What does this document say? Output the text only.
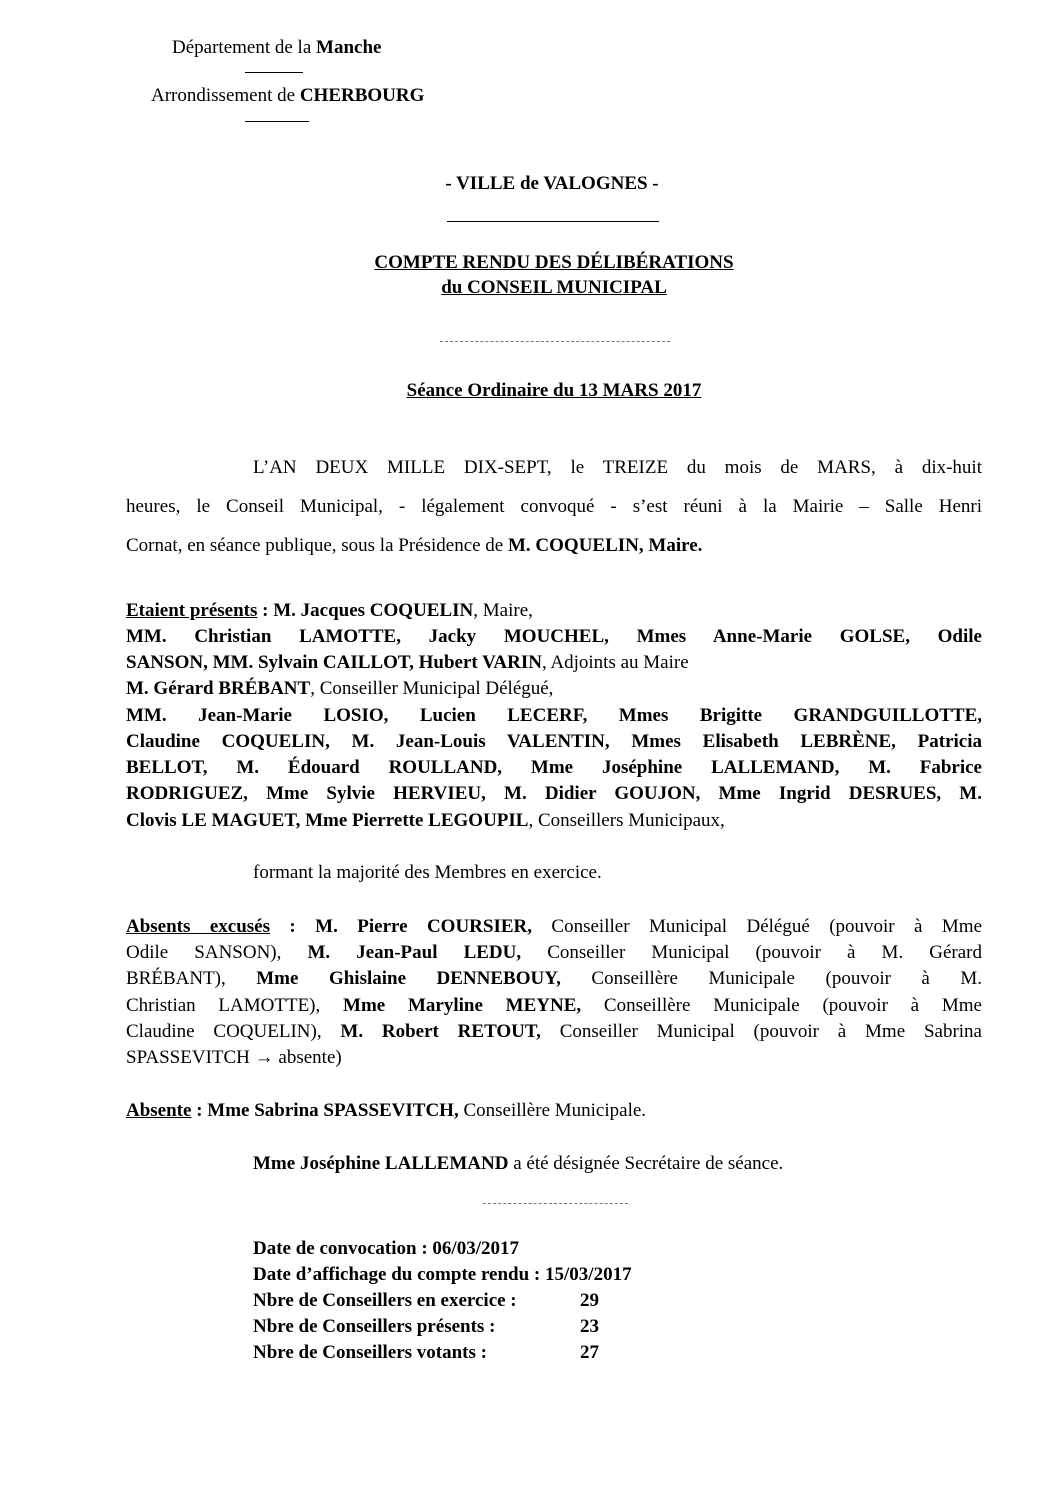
Département de la Manche
Arrondissement de CHERBOURG
- VILLE de VALOGNES -
COMPTE RENDU DES DÉLIBÉRATIONS
du CONSEIL MUNICIPAL
Séance Ordinaire du 13 MARS 2017
L’AN DEUX MILLE DIX-SEPT, le TREIZE du mois de MARS, à dix-huit
heures, le Conseil Municipal, - légalement convoqué - s’est réuni à la Mairie – Salle Henri
Cornat, en séance publique, sous la Présidence de M. COQUELIN, Maire.
Etaient présents : M. Jacques COQUELIN, Maire,
MM. Christian LAMOTTE, Jacky MOUCHEL, Mmes Anne-Marie GOLSE, Odile
SANSON, MM. Sylvain CAILLOT, Hubert VARIN, Adjoints au Maire
M. Gérard BRÉBANT, Conseiller Municipal Délégué,
MM. Jean-Marie LOSIO, Lucien LECERF, Mmes Brigitte GRANDGUILLOTTE,
Claudine COQUELIN, M. Jean-Louis VALENTIN, Mmes Elisabeth LEBRÈNE, Patricia
BELLOT, M. Édouard ROULLAND, Mme Joséphine LALLEMAND, M. Fabrice
RODRIGUEZ, Mme Sylvie HERVIEU, M. Didier GOUJON, Mme Ingrid DESRUES, M.
Clovis LE MAGUET, Mme Pierrette LEGOUPIL, Conseillers Municipaux,
formant la majorité des Membres en exercice.
Absents excusés : M. Pierre COURSIER, Conseiller Municipal Délégué (pouvoir à Mme
Odile SANSON), M. Jean-Paul LEDU, Conseiller Municipal (pouvoir à M. Gérard
BRÉBANT), Mme Ghislaine DENNEBOUY, Conseillère Municipale (pouvoir à M.
Christian LAMOTTE), Mme Maryline MEYNE, Conseillère Municipale (pouvoir à Mme
Claudine COQUELIN), M. Robert RETOUT, Conseiller Municipal (pouvoir à Mme Sabrina
SPASSEVITCH → absente)
Absente : Mme Sabrina SPASSEVITCH, Conseillère Municipale.
Mme Joséphine LALLEMAND a été désignée Secrétaire de séance.
Date de convocation : 06/03/2017
Date d’affichage du compte rendu : 15/03/2017
Nbre de Conseillers en exercice :	29
Nbre de Conseillers présents :	23
Nbre de Conseillers votants :	27
